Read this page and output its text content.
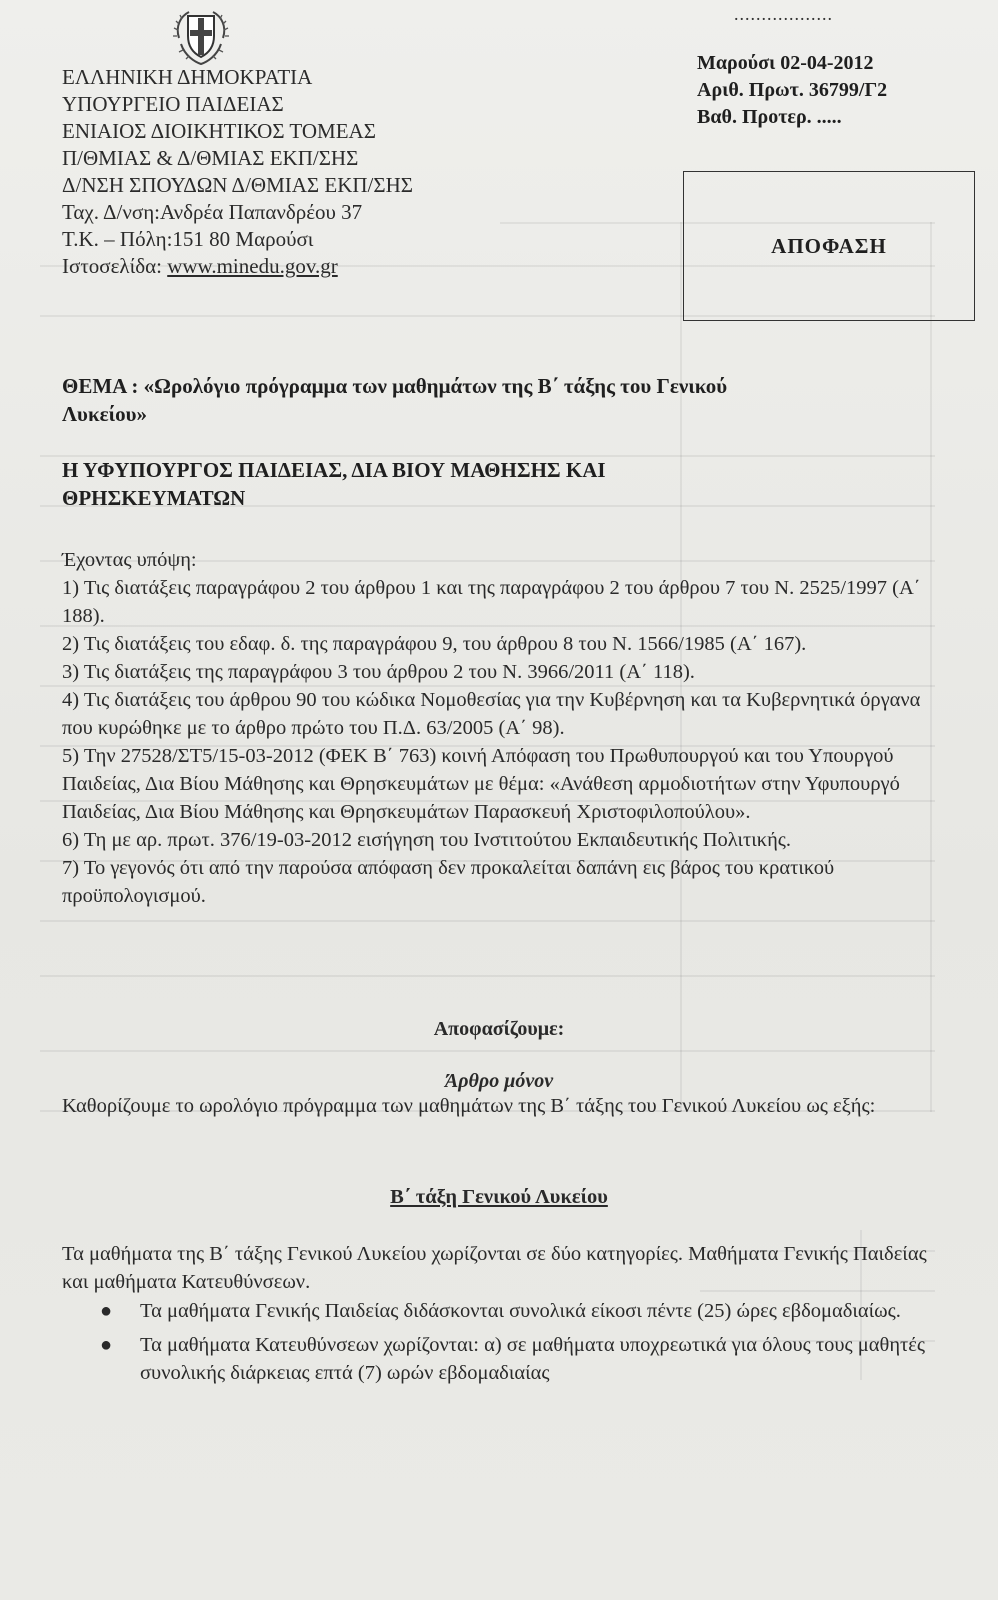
..................
ΕΛΛΗΝΙΚΗ ΔΗΜΟΚΡΑΤΙΑ
ΥΠΟΥΡΓΕΙΟ ΠΑΙΔΕΙΑΣ
ΕΝΙΑΙΟΣ ΔΙΟΙΚΗΤΙΚΟΣ ΤΟΜΕΑΣ
Π/ΘΜΙΑΣ & Δ/ΘΜΙΑΣ ΕΚΠ/ΣΗΣ
Δ/ΝΣΗ ΣΠΟΥΔΩΝ Δ/ΘΜΙΑΣ ΕΚΠ/ΣΗΣ
Ταχ. Δ/νση:Ανδρέα Παπανδρέου 37
Τ.Κ. – Πόλη:151 80 Μαρούσι
Ιστοσελίδα: www.minedu.gov.gr
Μαρούσι 02-04-2012
Αριθ. Πρωτ. 36799/Γ2
Βαθ. Προτερ. .....
ΑΠΟΦΑΣΗ
ΘΕΜΑ : «Ωρολόγιο πρόγραμμα των μαθημάτων της Β΄ τάξης του Γενικού
Λυκείου»
Η ΥΦΥΠΟΥΡΓΟΣ ΠΑΙΔΕΙΑΣ, ΔΙΑ ΒΙΟΥ ΜΑΘΗΣΗΣ ΚΑΙ
ΘΡΗΣΚΕΥΜΑΤΩΝ

Έχοντας υπόψη:

1) Τις διατάξεις παραγράφου 2 του άρθρου 1 και της παραγράφου 2 του άρθρου 7 του Ν. 2525/1997 (Α΄ 188).

2) Τις διατάξεις του εδαφ. δ. της παραγράφου 9, του άρθρου 8 του Ν. 1566/1985 (Α΄ 167).

3) Τις διατάξεις της παραγράφου 3 του άρθρου 2 του Ν. 3966/2011 (Α΄ 118).

4) Τις διατάξεις του άρθρου 90 του κώδικα Νομοθεσίας για την Κυβέρνηση και τα Κυβερνητικά όργανα που κυρώθηκε με το άρθρο πρώτο του Π.Δ. 63/2005 (Α΄ 98).

5) Την 27528/ΣΤ5/15-03-2012 (ΦΕΚ Β΄ 763) κοινή Απόφαση του Πρωθυπουργού και του Υπουργού Παιδείας, Δια Βίου Μάθησης και Θρησκευμάτων με θέμα: «Ανάθεση αρμοδιοτήτων στην Υφυπουργό Παιδείας, Δια Βίου Μάθησης και Θρησκευμάτων Παρασκευή Χριστοφιλοπούλου».

6) Τη με αρ. πρωτ. 376/19-03-2012 εισήγηση του Ινστιτούτου Εκπαιδευτικής Πολιτικής.

7) Το γεγονός ότι από την παρούσα απόφαση δεν προκαλείται δαπάνη εις βάρος του κρατικού προϋπολογισμού.

Αποφασίζουμε:
Άρθρο μόνον
Καθορίζουμε το ωρολόγιο πρόγραμμα των μαθημάτων της Β΄ τάξης του Γενικού Λυκείου ως εξής:
Β΄ τάξη Γενικού Λυκείου
Τα μαθήματα της Β΄ τάξης Γενικού Λυκείου χωρίζονται σε δύο κατηγορίες. Μαθήματα Γενικής Παιδείας και μαθήματα Κατευθύνσεων.
● Τα μαθήματα Γενικής Παιδείας διδάσκονται συνολικά είκοσι πέντε (25) ώρες εβδομαδιαίως.
● Τα μαθήματα Κατευθύνσεων χωρίζονται: α) σε μαθήματα υποχρεωτικά για όλους τους μαθητές συνολικής διάρκειας επτά (7) ωρών εβδομαδιαίας
